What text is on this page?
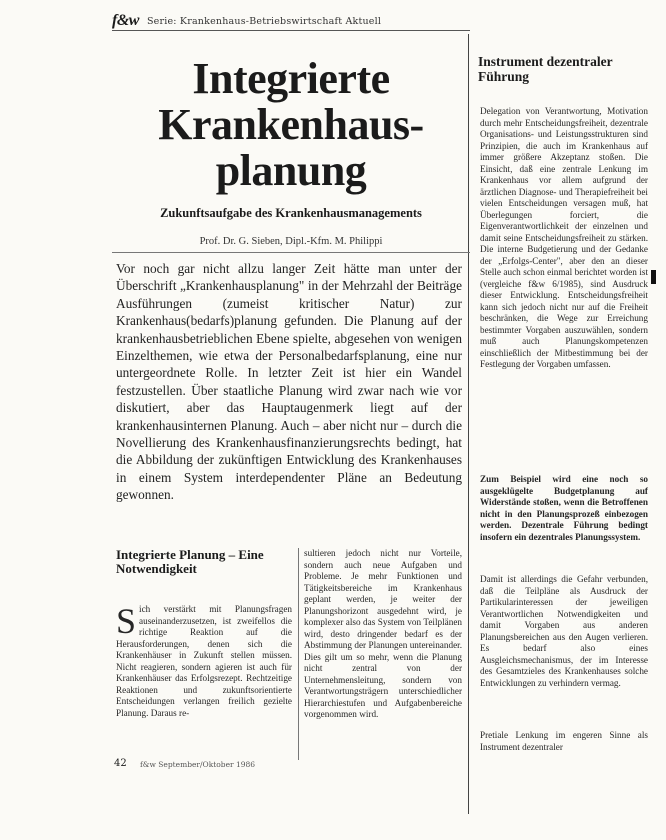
f&w Serie: Krankenhaus-Betriebswirtschaft Aktuell
Integrierte
Krankenhaus-
planung
Zukunftsaufgabe des Krankenhausmanagements
Prof. Dr. G. Sieben, Dipl.-Kfm. M. Philippi
Vor noch gar nicht allzu langer Zeit hätte man unter der Überschrift „Krankenhausplanung" in der Mehrzahl der Beiträge Ausführungen (zumeist kritischer Natur) zur Krankenhaus(bedarfs)planung gefunden. Die Planung auf der krankenhausbetrieblichen Ebene spielte, abgesehen von wenigen Einzelthemen, wie etwa der Personalbedarfsplanung, eine nur untergeordnete Rolle. In letzter Zeit ist hier ein Wandel festzustellen. Über staatliche Planung wird zwar nach wie vor diskutiert, aber das Hauptaugenmerk liegt auf der krankenhausinternen Planung. Auch – aber nicht nur – durch die Novellierung des Krankenhausfinanzierungsrechts bedingt, hat die Abbildung der zukünftigen Entwicklung des Krankenhauses in einem System interdependenter Pläne an Bedeutung gewonnen.
Integrierte Planung – Eine Notwendigkeit
S ich verstärkt mit Planungsfragen auseinanderzusetzen, ist zweifellos die richtige Reaktion auf die Herausforderungen, denen sich die Krankenhäuser in Zukunft stellen müssen. Nicht reagieren, sondern agieren ist auch für Krankenhäuser das Erfolgsrezept. Rechtzeitige Reaktionen und zukunftsorientierte Entscheidungen verlangen freilich gezielte Planung. Daraus re-

sultieren jedoch nicht nur Vorteile, sondern auch neue Aufgaben und Probleme. Je mehr Funktionen und Tätigkeitsbereiche im Krankenhaus geplant werden, je weiter der Planungshorizont ausgedehnt wird, je komplexer also das System von Teilplänen wird, desto dringender bedarf es der Abstimmung der Planungen untereinander. Dies gilt um so mehr, wenn die Planung nicht zentral von der Unternehmensleitung, sondern von Verantwortungsträgern unterschiedlicher Hierarchiestufen und Aufgabenbereiche vorgenommen wird.

Instrument dezentraler Führung

Delegation von Verantwortung, Motivation durch mehr Entscheidungsfreiheit, dezentrale Organisations- und Leistungsstrukturen sind Prinzipien, die auch im Krankenhaus auf immer größere Akzeptanz stoßen. Die Einsicht, daß eine zentrale Lenkung im Krankenhaus vor allem aufgrund der ärztlichen Diagnose- und Therapiefreiheit bei vielen Entscheidungen versagen muß, hat Überlegungen forciert, die Eigenverantwortlichkeit der einzelnen und damit seine Entscheidungsfreiheit zu stärken. Die interne Budgetierung und der Gedanke der „Erfolgs-Center", aber den an dieser Stelle auch schon einmal berichtet worden ist (vergleiche f&w 6/1985), sind Ausdruck dieser Entwicklung. Entscheidungsfreiheit kann sich jedoch nicht nur auf die Freiheit beschränken, die Wege zur Erreichung bestimmter Vorgaben auszuwählen, sondern muß auch Planungskompetenzen einschließlich der Mitbestimmung bei der Festlegung der Vorgaben umfassen.

Zum Beispiel wird eine noch so ausgeklügelte Budgetplanung auf Widerstände stoßen, wenn die Betroffenen nicht in den Planungsprozeß einbezogen werden. Dezentrale Führung bedingt insofern ein dezentrales Planungssystem.

Damit ist allerdings die Gefahr verbunden, daß die Teilpläne als Ausdruck der Partikularinteressen der jeweiligen Verantwortlichen Notwendigkeiten und damit Vorgaben aus anderen Planungsbereichen aus den Augen verlieren. Es bedarf also eines Ausgleichsmechanismus, der im Interesse des Gesamtzieles des Krankenhauses solche Entwicklungen zu verhindern vermag.

Pretiale Lenkung im engeren Sinne als Instrument dezentraler

42 f&w September/Oktober 1986
